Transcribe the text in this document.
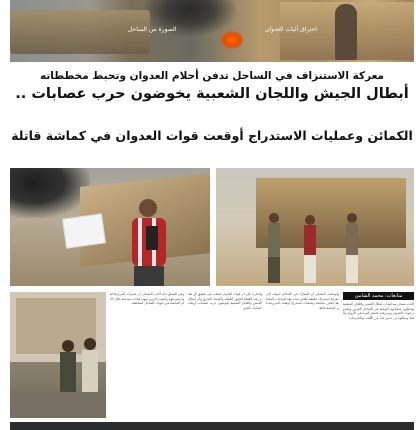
الصورة من الساحل	احتراق آليات العدوان
معركة الاستنزاف في الساحل تدفن أحلام العدوان وتحبط مخططاته
أبطال الجيش واللجان الشعبية يخوضون حرب عصابات ..
الكمائن وعمليات الاستدراج أوقعت قوات العدوان في كماشة قاتلة
متابعات: محمد الشامي
أكدت مصادر ميدانية أن أبطال الجيش واللجان الشعبية يواصلون عملياتهم النوعية في الساحل الغربي ويكبدون قوات العدوان ومرتزقته خسائر كبيرة في الأرواح والعتاد وتمكنوا من تدمير عدد من الآليات والمدرعات.
وأوضحت المصادر أن المعارك في الساحل تحولت إلى معركة استنزاف حقيقية للعدو حيث تنفذ الوحدات المختلفة كمائن محكمة وعمليات استدراج أوقعت المرتزقة في كماشة قاتلة.
وأشارت إلى أن قوات العدوان فشلت في تحقيق أي تقدم رغم الغطاء الجوي الكثيف والإسناد البحري وأن أبطال الجيش واللجان الشعبية يخوضون حرب عصابات أربكت حسابات العدو.
وفي السياق ذاته أكدت المصادر أن عشرات المرتزقة لقوا مصرعهم وأصيب آخرون بينهم قيادات ميدانية خلال الأيام الماضية في جبهات الساحل المختلفة.
